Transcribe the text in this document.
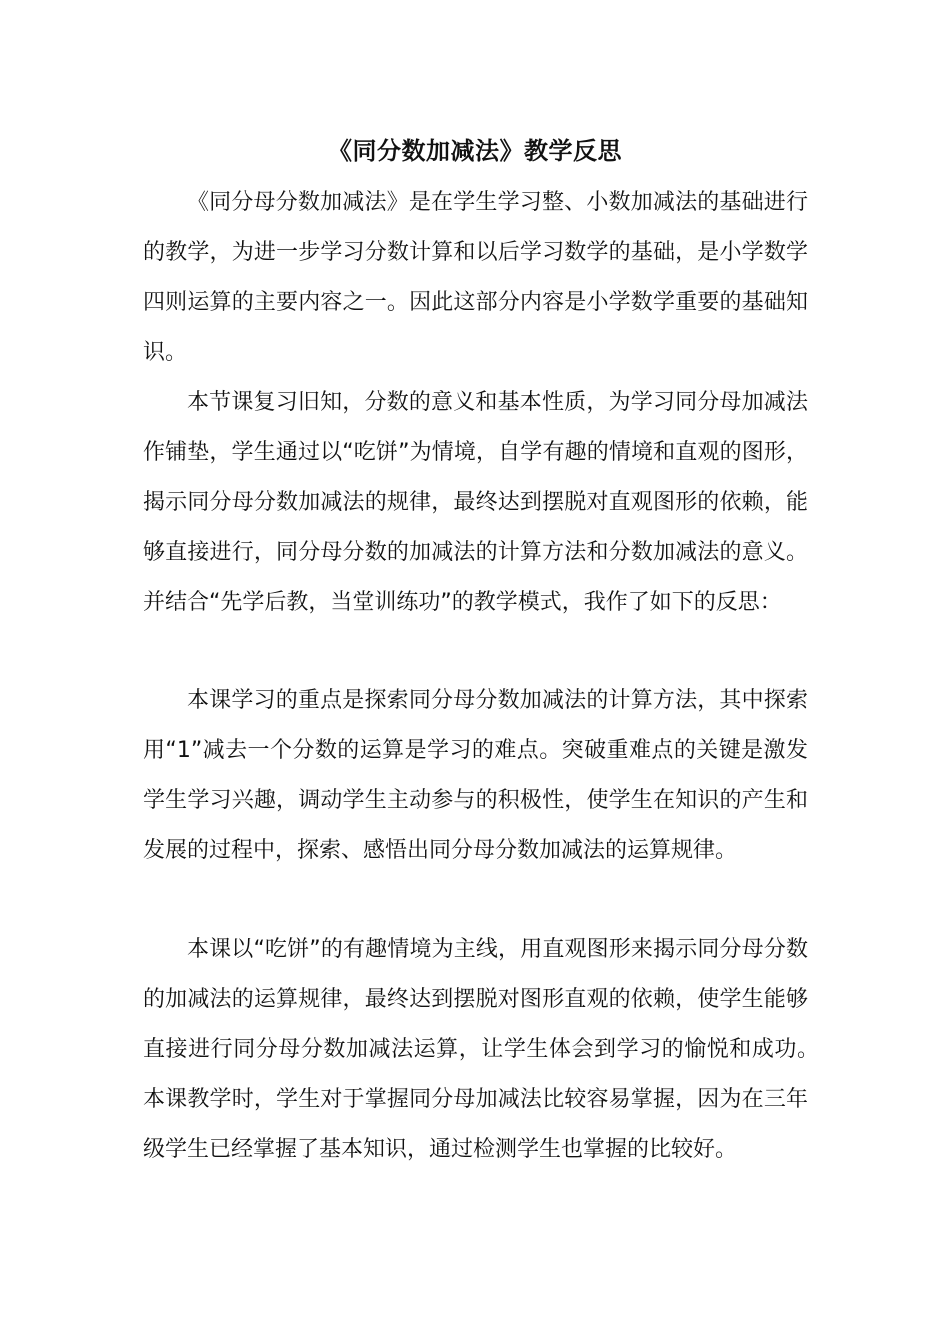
《同分数加减法》教学反思

《同分母分数加减法》是在学生学习整、小数加减法的基础进行的教学，为进一步学习分数计算和以后学习数学的基础，是小学数学四则运算的主要内容之一。因此这部分内容是小学数学重要的基础知识。

本节课复习旧知，分数的意义和基本性质，为学习同分母加减法作铺垫，学生通过以“吃饼”为情境，自学有趣的情境和直观的图形，揭示同分母分数加减法的规律，最终达到摆脱对直观图形的依赖，能够直接进行，同分母分数的加减法的计算方法和分数加减法的意义。并结合“先学后教，当堂训练功”的教学模式，我作了如下的反思：

本课学习的重点是探索同分母分数加减法的计算方法，其中探索用“1”减去一个分数的运算是学习的难点。突破重难点的关键是激发学生学习兴趣，调动学生主动参与的积极性，使学生在知识的产生和发展的过程中，探索、感悟出同分母分数加减法的运算规律。

本课以“吃饼”的有趣情境为主线，用直观图形来揭示同分母分数的加减法的运算规律，最终达到摆脱对图形直观的依赖，使学生能够直接进行同分母分数加减法运算，让学生体会到学习的愉悦和成功。　　本课教学时，学生对于掌握同分母加减法比较容易掌握，因为在三年级学生已经掌握了基本知识，通过检测学生也掌握的比较好。
